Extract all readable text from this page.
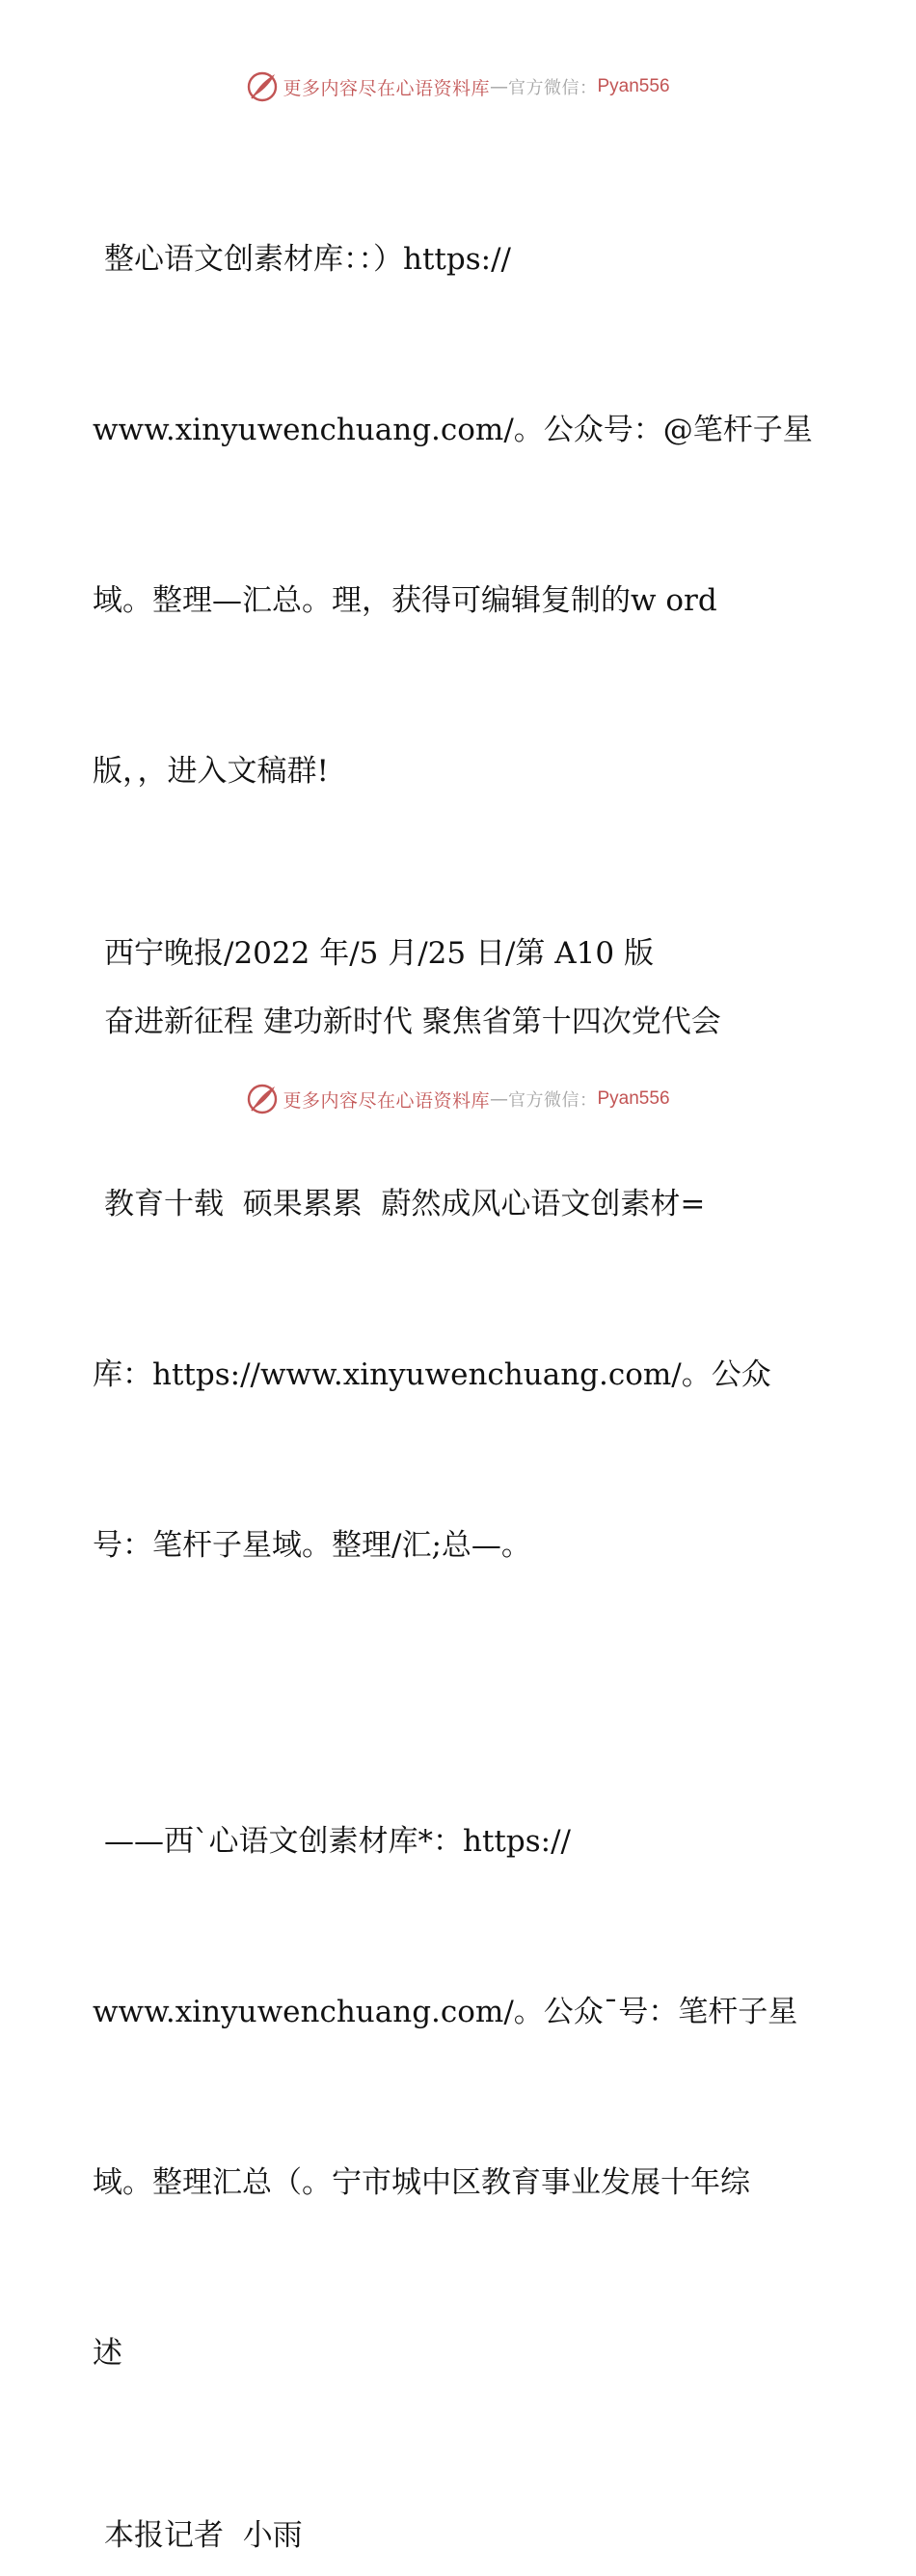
更多内容尽在心语资料库 — 官方微信： Pyan556

整心语文创素材库：：）https://

www.xinyuwenchuang.com/。公众号：@笔杆子星

域。整理—汇总。理，获得可编辑复制的w ord

版，，进入文稿群!

西宁晚报/2022 年/5 月/25 日/第 A10 版
奋进新征程 建功新时代 聚焦省第十四次党代会

教育十载  硕果累累  蔚然成风心语文创素材=

库：https://www.xinyuwenchuang.com/。公众

号：笔杆子星域。整理/汇;总—。

——西ˋ心语文创素材库*：https://

www.xinyuwenchuang.com/。公众¯号：笔杆子星

域。整理汇总（。宁市城中区教育事业发展十年综

述

本报记者  小雨
更多内容尽在心语资料库 — 官方微信： Pyan556
